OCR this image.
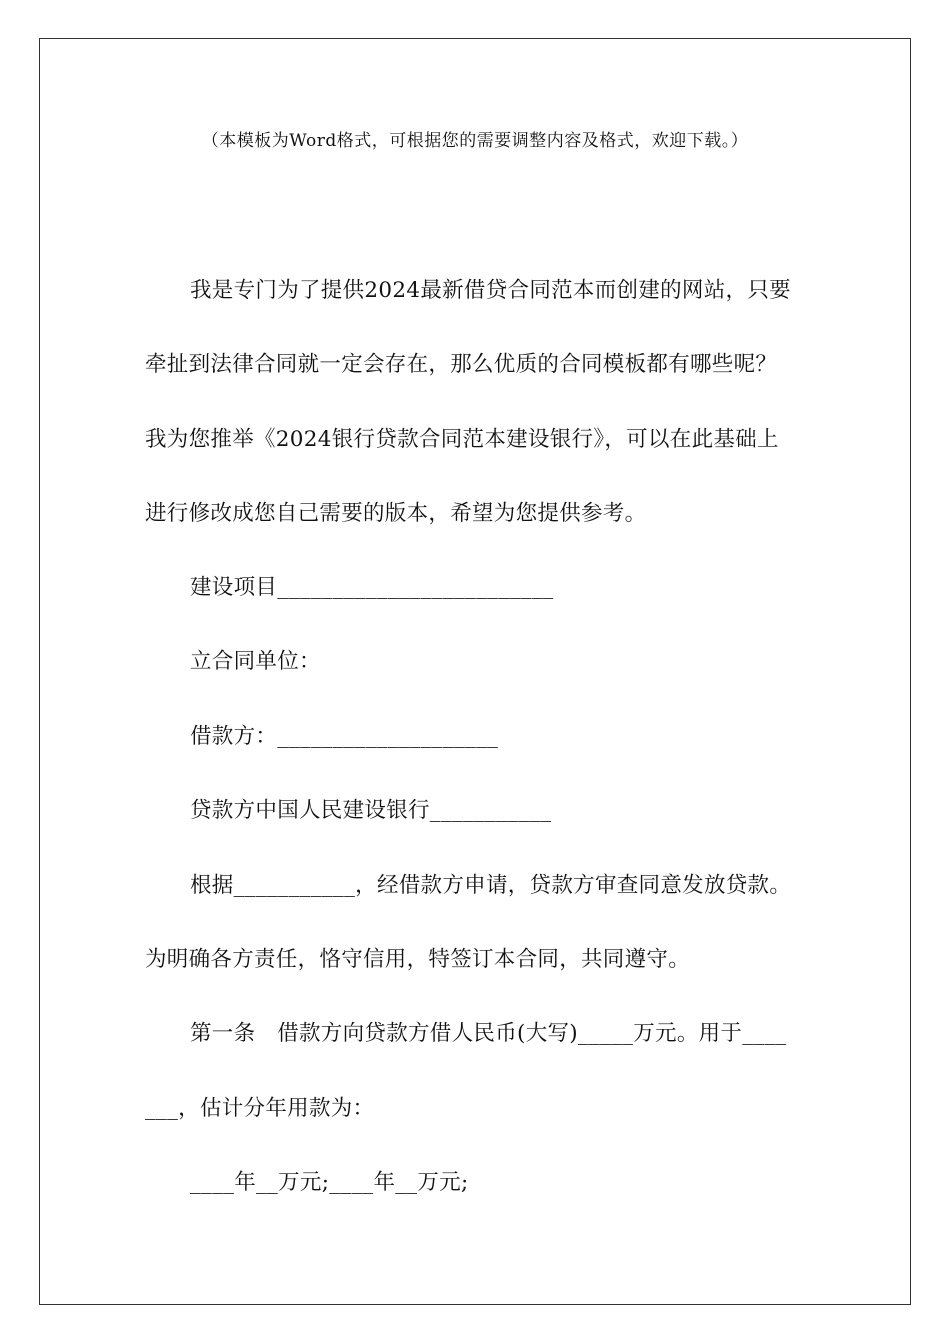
（本模板为Word格式，可根据您的需要调整内容及格式，欢迎下载。）
我是专门为了提供2024最新借贷合同范本而创建的网站，只要
牵扯到法律合同就一定会存在，那么优质的合同模板都有哪些呢？
我为您推举《2024银行贷款合同范本建设银行》，可以在此基础上
进行修改成您自己需要的版本，希望为您提供参考。
建设项目_________________________
立合同单位：
借款方：____________________
贷款方中国人民建设银行___________
根据___________，经借款方申请，贷款方审查同意发放贷款。
为明确各方责任，恪守信用，特签订本合同，共同遵守。
第一条　借款方向贷款方借人民币(大写)_____万元。用于____
___，估计分年用款为：
____年__万元;____年__万元;
